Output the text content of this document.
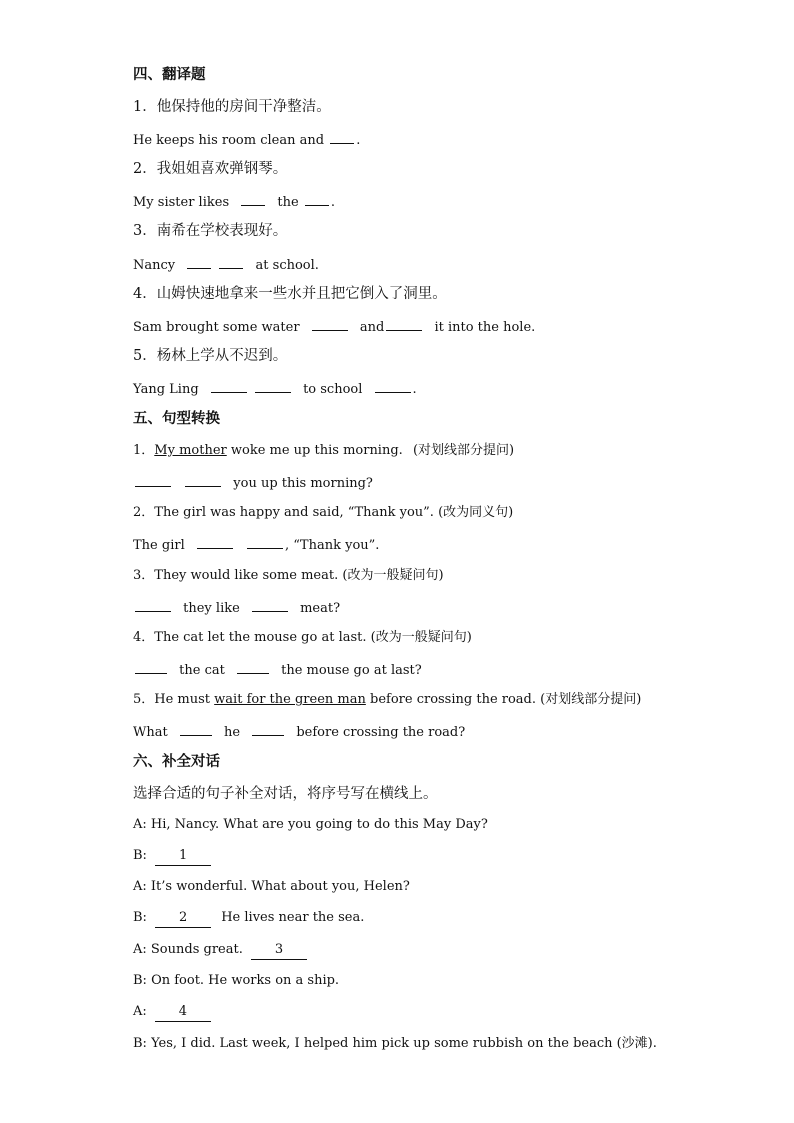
四、翻译题
1．他保持他的房间干净整洁。
He keeps his room clean and .
2．我姐姐喜欢弹钢琴。
My sister likes	the .
3．南希在学校表现好。
Nancy	at school.
4．山姆快速地拿来一些水并且把它倒入了洞里。
Sam brought some water	and	it into the hole.
5．杨林上学从不迟到。
Yang Ling	to school	.
五、句型转换
1．My mother woke me up this morning. (对划线部分提问)
you up this morning?
2．The girl was happy and said, “Thank you”. (改为同义句)
The girl	, “Thank you”.
3．They would like some meat. (改为一般疑问句)
they like	meat?
4．The cat let the mouse go at last. (改为一般疑问句)
the cat	the mouse go at last?
5．He must wait for the green man before crossing the road. (对划线部分提问)
What	he	before crossing the road?
六、补全对话
选择合适的句子补全对话，将序号写在横线上。
A: Hi, Nancy. What are you going to do this May Day?
B: 1
A: It’s wonderful. What about you, Helen?
B: 2	He lives near the sea.
A: Sounds great. 3
B: On foot. He works on a ship.
A: 4
B: Yes, I did. Last week, I helped him pick up some rubbish on the beach (沙滩).
